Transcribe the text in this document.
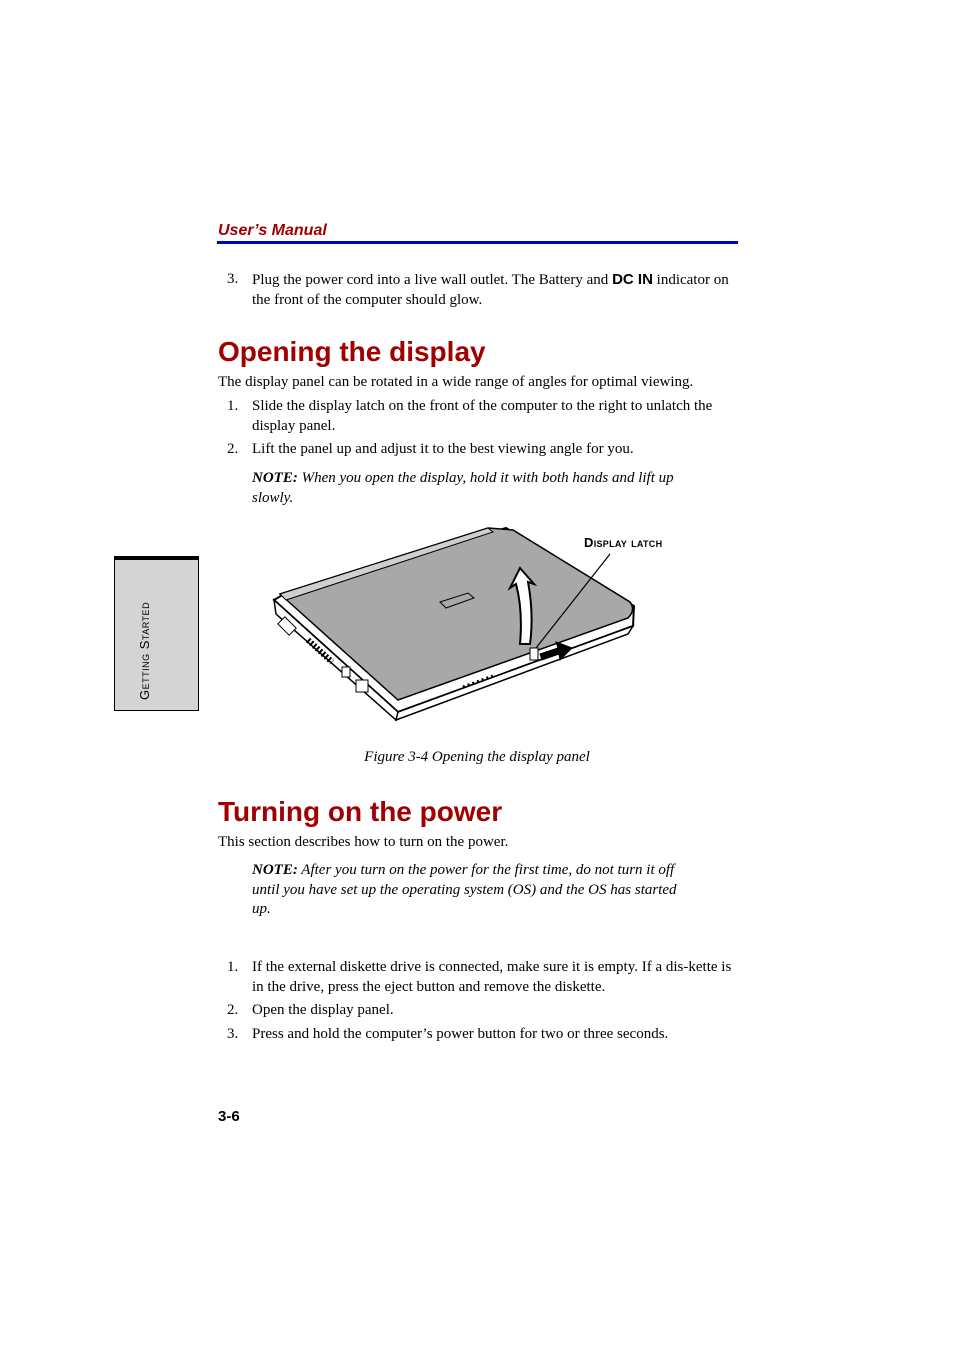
User’s Manual
3. Plug the power cord into a live wall outlet. The Battery and DC IN indicator on the front of the computer should glow.
Opening the display
The display panel can be rotated in a wide range of angles for optimal viewing.
1. Slide the display latch on the front of the computer to the right to unlatch the display panel.
2. Lift the panel up and adjust it to the best viewing angle for you.
NOTE: When you open the display, hold it with both hands and lift up slowly.
Getting Started
Display latch
Figure 3-4 Opening the display panel
Turning on the power
This section describes how to turn on the power.
NOTE: After you turn on the power for the first time, do not turn it off until you have set up the operating system (OS) and the OS has started up.
1. If the external diskette drive is connected, make sure it is empty. If a dis-kette is in the drive, press the eject button and remove the diskette.
2. Open the display panel.
3. Press and hold the computer’s power button for two or three seconds.
3-6
